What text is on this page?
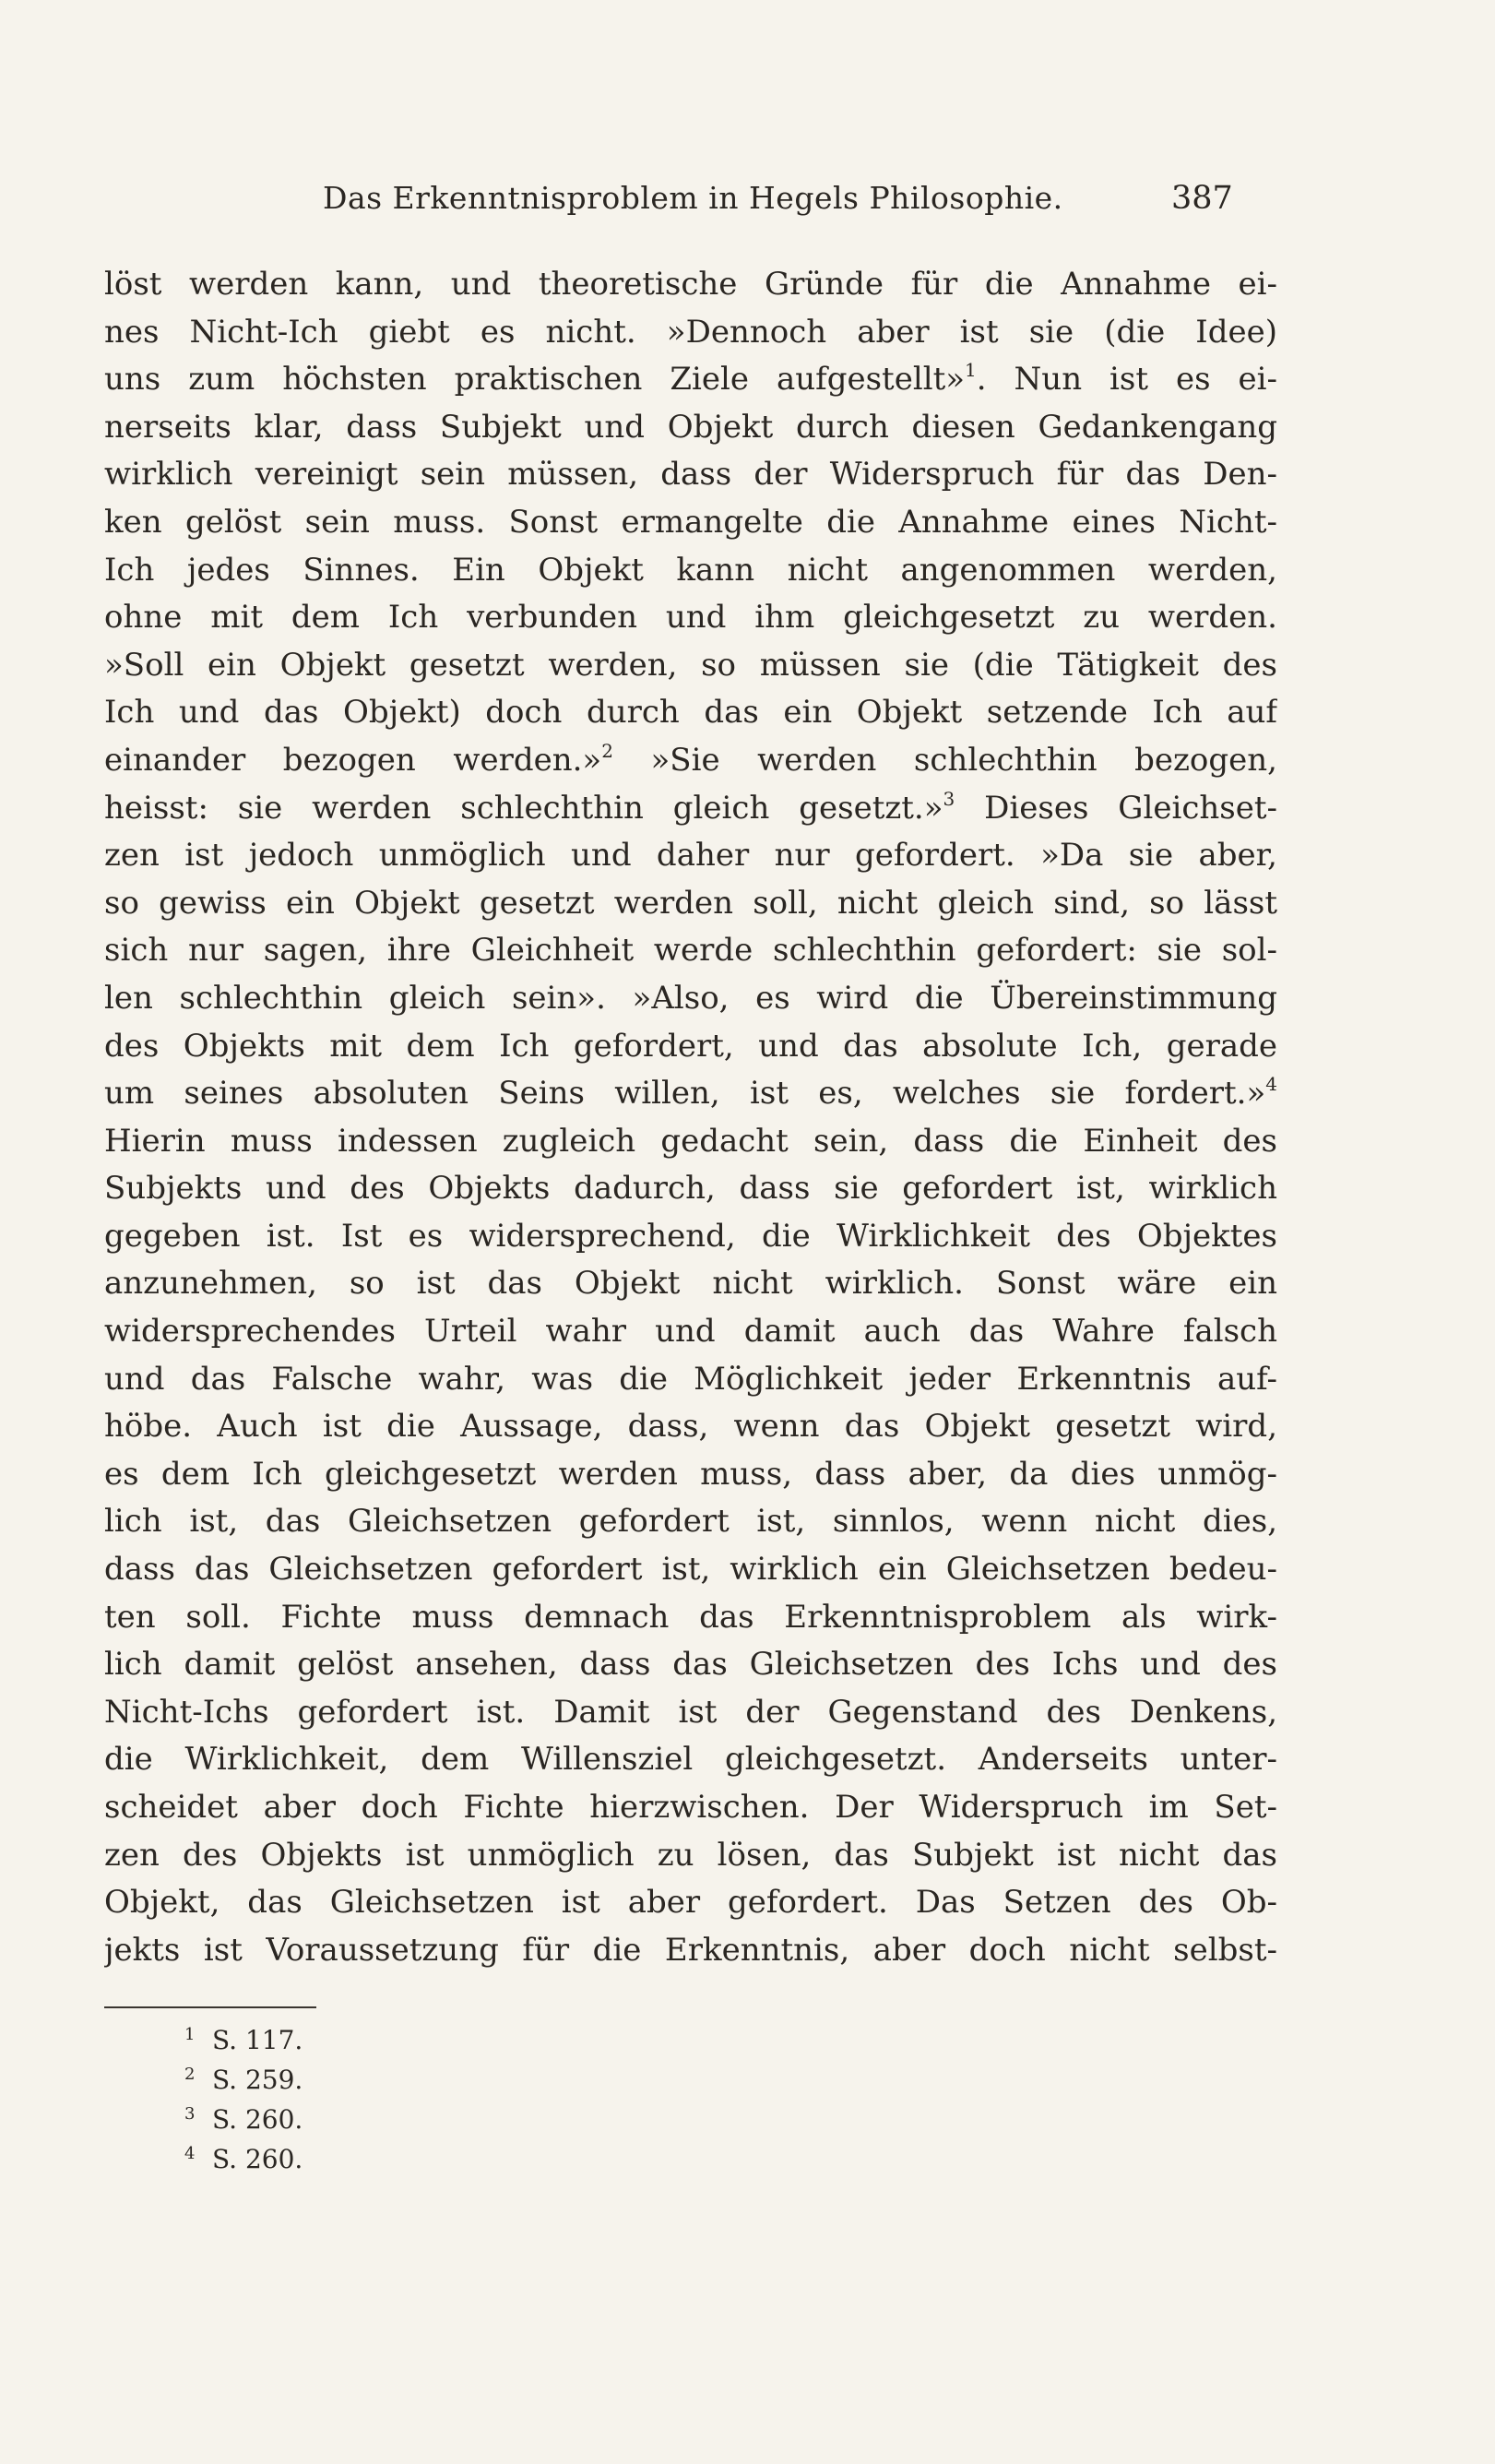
Das Erkenntnisproblem in Hegels Philosophie.	387
löst werden kann, und theoretische Gründe für die Annahme ei-
nes Nicht-Ich giebt es nicht. »Dennoch aber ist sie (die Idee)
uns zum höchsten praktischen Ziele aufgestellt»$^1$. Nun ist es ei-
nerseits klar, dass Subjekt und Objekt durch diesen Gedankengang
wirklich vereinigt sein müssen, dass der Widerspruch für das Den-
ken gelöst sein muss. Sonst ermangelte die Annahme eines Nicht-
Ich jedes Sinnes. Ein Objekt kann nicht angenommen werden,
ohne mit dem Ich verbunden und ihm gleichgesetzt zu werden.
»Soll ein Objekt gesetzt werden, so müssen sie (die Tätigkeit des
Ich und das Objekt) doch durch das ein Objekt setzende Ich auf
einander bezogen werden.»$^2$ »Sie werden schlechthin bezogen,
heisst: sie werden schlechthin gleich gesetzt.»$^3$ Dieses Gleichset-
zen ist jedoch unmöglich und daher nur gefordert. »Da sie aber,
so gewiss ein Objekt gesetzt werden soll, nicht gleich sind, so lässt
sich nur sagen, ihre Gleichheit werde schlechthin gefordert: sie sol-
len schlechthin gleich sein». »Also, es wird die Übereinstimmung
des Objekts mit dem Ich gefordert, und das absolute Ich, gerade
um seines absoluten Seins willen, ist es, welches sie fordert.»$^4$
Hierin muss indessen zugleich gedacht sein, dass die Einheit des
Subjekts und des Objekts dadurch, dass sie gefordert ist, wirklich
gegeben ist. Ist es widersprechend, die Wirklichkeit des Objektes
anzunehmen, so ist das Objekt nicht wirklich. Sonst wäre ein
widersprechendes Urteil wahr und damit auch das Wahre falsch
und das Falsche wahr, was die Möglichkeit jeder Erkenntnis auf-
höbe. Auch ist die Aussage, dass, wenn das Objekt gesetzt wird,
es dem Ich gleichgesetzt werden muss, dass aber, da dies unmög-
lich ist, das Gleichsetzen gefordert ist, sinnlos, wenn nicht dies,
dass das Gleichsetzen gefordert ist, wirklich ein Gleichsetzen bedeu-
ten soll. Fichte muss demnach das Erkenntnisproblem als wirk-
lich damit gelöst ansehen, dass das Gleichsetzen des Ichs und des
Nicht-Ichs gefordert ist. Damit ist der Gegenstand des Denkens,
die Wirklichkeit, dem Willensziel gleichgesetzt. Anderseits unter-
scheidet aber doch Fichte hierzwischen. Der Widerspruch im Set-
zen des Objekts ist unmöglich zu lösen, das Subjekt ist nicht das
Objekt, das Gleichsetzen ist aber gefordert. Das Setzen des Ob-
jekts ist Voraussetzung für die Erkenntnis, aber doch nicht selbst-
1 S. 117.
2 S. 259.
3 S. 260.
4 S. 260.
